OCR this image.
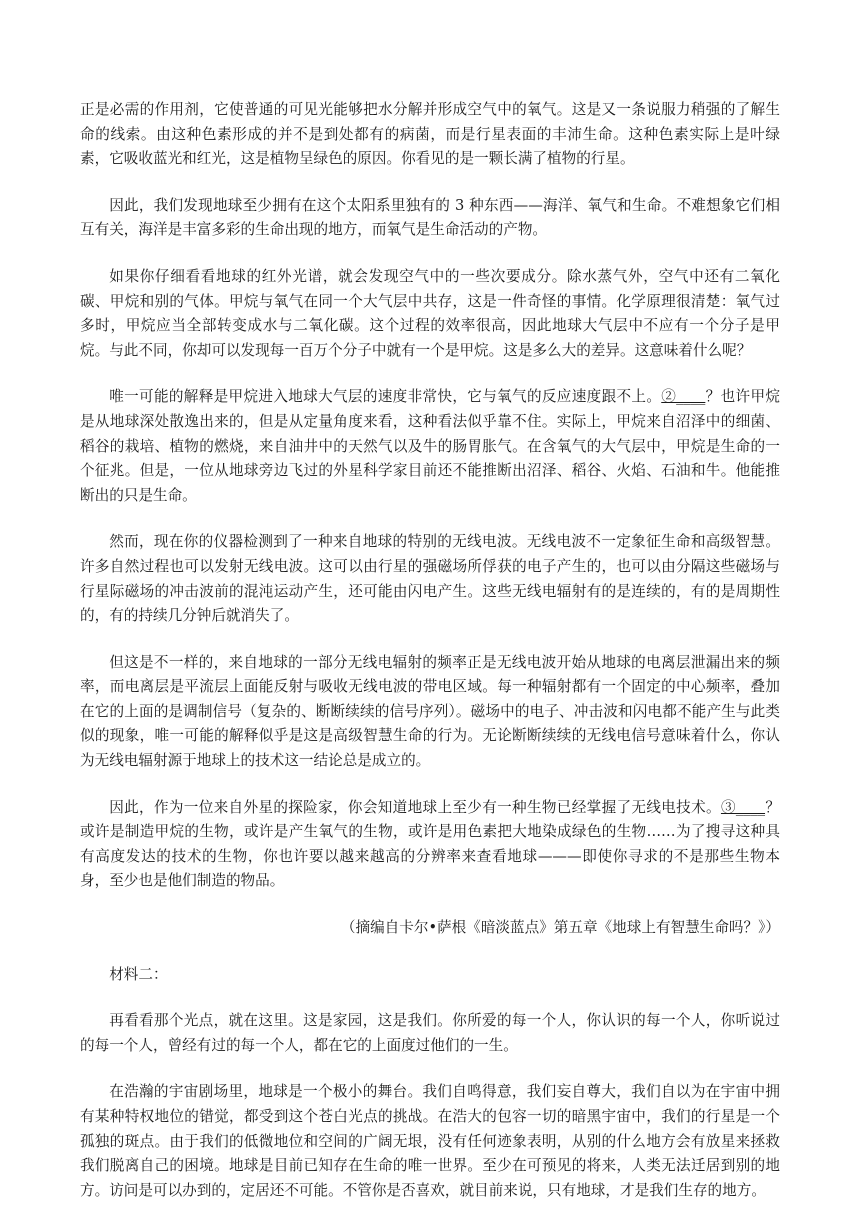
正是必需的作用剂，它使普通的可见光能够把水分解并形成空气中的氧气。这是又一条说服力稍强的了解生命的线索。由这种色素形成的并不是到处都有的病菌，而是行星表面的丰沛生命。这种色素实际上是叶绿素，它吸收蓝光和红光，这是植物呈绿色的原因。你看见的是一颗长满了植物的行星。

因此，我们发现地球至少拥有在这个太阳系里独有的 3 种东西——海洋、氧气和生命。不难想象它们相互有关，海洋是丰富多彩的生命出现的地方，而氧气是生命活动的产物。

如果你仔细看看地球的红外光谱，就会发现空气中的一些次要成分。除水蒸气外，空气中还有二氧化碳、甲烷和别的气体。甲烷与氧气在同一个大气层中共存，这是一件奇怪的事情。化学原理很清楚：氧气过多时，甲烷应当全部转变成水与二氧化碳。这个过程的效率很高，因此地球大气层中不应有一个分子是甲烷。与此不同，你却可以发现每一百万个分子中就有一个是甲烷。这是多么大的差异。这意味着什么呢？

唯一可能的解释是甲烷进入地球大气层的速度非常快，它与氧气的反应速度跟不上。②____？也许甲烷是从地球深处散逸出来的，但是从定量角度来看，这种看法似乎靠不住。实际上，甲烷来自沼泽中的细菌、稻谷的栽培、植物的燃烧，来自油井中的天然气以及牛的肠胃胀气。在含氧气的大气层中，甲烷是生命的一个征兆。但是，一位从地球旁边飞过的外星科学家目前还不能推断出沼泽、稻谷、火焰、石油和牛。他能推断出的只是生命。

然而，现在你的仪器检测到了一种来自地球的特别的无线电波。无线电波不一定象征生命和高级智慧。许多自然过程也可以发射无线电波。这可以由行星的强磁场所俘获的电子产生的，也可以由分隔这些磁场与行星际磁场的冲击波前的混沌运动产生，还可能由闪电产生。这些无线电辐射有的是连续的，有的是周期性的，有的持续几分钟后就消失了。

但这是不一样的，来自地球的一部分无线电辐射的频率正是无线电波开始从地球的电离层泄漏出来的频率，而电离层是平流层上面能反射与吸收无线电波的带电区域。每一种辐射都有一个固定的中心频率，叠加在它的上面的是调制信号（复杂的、断断续续的信号序列）。磁场中的电子、冲击波和闪电都不能产生与此类似的现象，唯一可能的解释似乎是这是高级智慧生命的行为。无论断断续续的无线电信号意味着什么，你认为无线电辐射源于地球上的技术这一结论总是成立的。

因此，作为一位来自外星的探险家，你会知道地球上至少有一种生物已经掌握了无线电技术。③____？或许是制造甲烷的生物，或许是产生氧气的生物，或许是用色素把大地染成绿色的生物……为了搜寻这种具有高度发达的技术的生物，你也许要以越来越高的分辨率来查看地球———即使你寻求的不是那些生物本身，至少也是他们制造的物品。

（摘编自卡尔•萨根《暗淡蓝点》第五章《地球上有智慧生命吗？》）

材料二：

再看看那个光点，就在这里。这是家园，这是我们。你所爱的每一个人，你认识的每一个人，你听说过的每一个人，曾经有过的每一个人，都在它的上面度过他们的一生。

在浩瀚的宇宙剧场里，地球是一个极小的舞台。我们自鸣得意，我们妄自尊大，我们自以为在宇宙中拥有某种特权地位的错觉，都受到这个苍白光点的挑战。在浩大的包容一切的暗黑宇宙中，我们的行星是一个孤独的斑点。由于我们的低微地位和空间的广阔无垠，没有任何迹象表明，从别的什么地方会有放星来拯救我们脱离自己的困境。地球是目前已知存在生命的唯一世界。至少在可预见的将来，人类无法迁居到别的地方。访问是可以办到的，定居还不可能。不管你是否喜欢，就目前来说，只有地球，才是我们生存的地方。
